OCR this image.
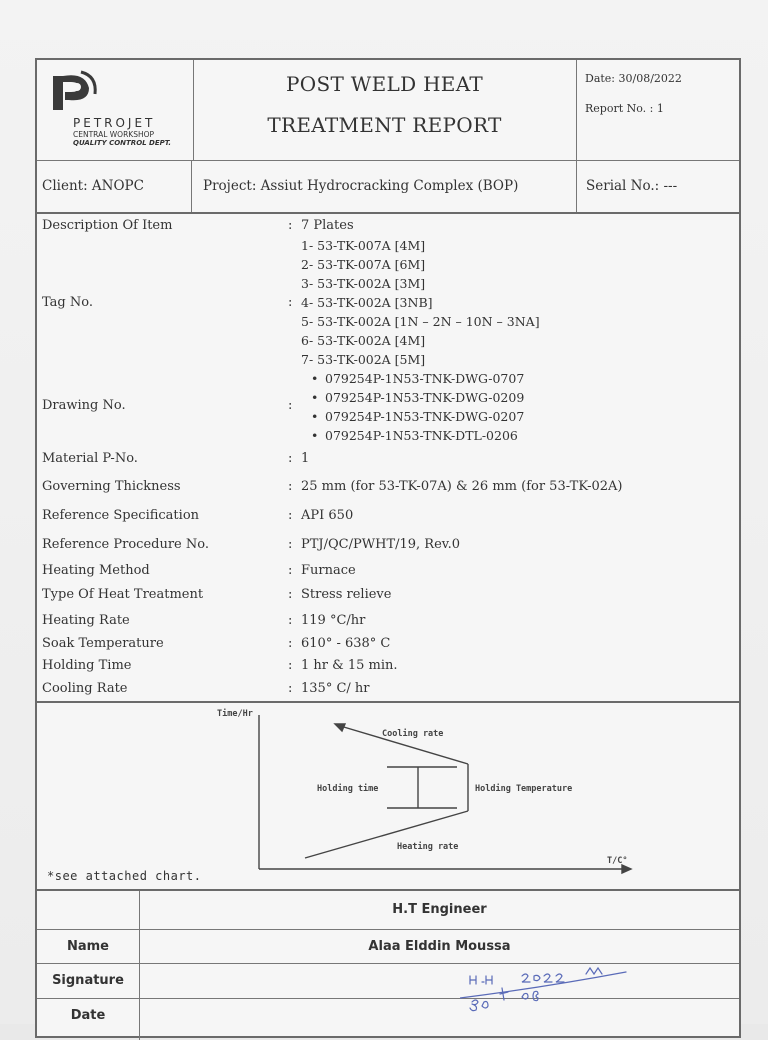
PETROJET
CENTRAL WORKSHOP
QUALITY CONTROL DEPT.
POST WELD HEAT
TREATMENT REPORT
Date: 30/08/2022
Report No. : 1
Client: ANOPC	Project: Assiut Hydrocracking Complex (BOP)	Serial No.: ---
Description Of Item	: 7 Plates
1- 53-TK-007A [4M]
2- 53-TK-007A [6M]
3- 53-TK-002A [3M]
Tag No.	: 4- 53-TK-002A [3NB]
5- 53-TK-002A [1N – 2N – 10N – 3NA]
6- 53-TK-002A [4M]
7- 53-TK-002A [5M]
• 079254P-1N53-TNK-DWG-0707
• 079254P-1N53-TNK-DWG-0209
Drawing No.	:
• 079254P-1N53-TNK-DWG-0207
• 079254P-1N53-TNK-DTL-0206
Material P-No.	: 1
Governing Thickness	: 25 mm (for 53-TK-07A) & 26 mm (for 53-TK-02A)
Reference Specification	: API 650
Reference Procedure No.	: PTJ/QC/PWHT/19, Rev.0
Heating Method	: Furnace
Type Of Heat Treatment	: Stress relieve
Heating Rate	: 119 °C/hr
Soak Temperature	: 610° - 638° C
Holding Time	: 1 hr & 15 min.
Cooling Rate	: 135° C/ hr
Time/Hr
Cooling rate
Holding time	Holding Temperature
Heating rate
T/C°
*see attached chart.
H.T Engineer
Name	Alaa Elddin Moussa
Signature
Date
